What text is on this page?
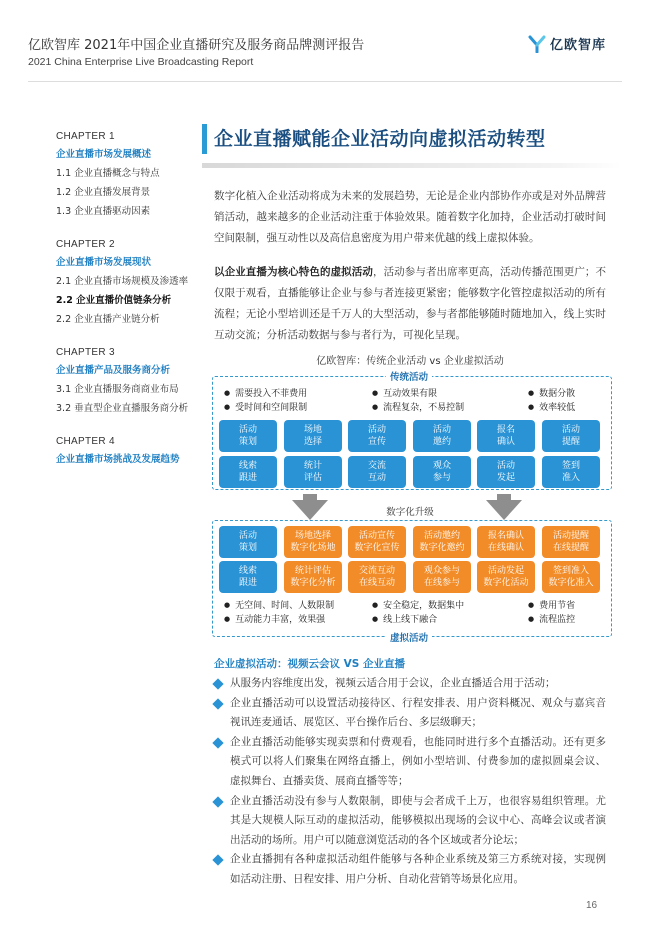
亿欧智库 2021年中国企业直播研究及服务商品牌测评报告
2021 China Enterprise Live Broadcasting Report
亿欧智库
CHAPTER 1
企业直播市场发展概述
1.1 企业直播概念与特点
1.2 企业直播发展背景
1.3 企业直播驱动因素
CHAPTER 2
企业直播市场发展现状
2.1 企业直播市场规模及渗透率
2.2 企业直播价值链条分析
2.2 企业直播产业链分析
CHAPTER 3
企业直播产品及服务商分析
3.1 企业直播服务商商业布局
3.2 垂直型企业直播服务商分析
CHAPTER 4
企业直播市场挑战及发展趋势
企业直播赋能企业活动向虚拟活动转型
数字化植入企业活动将成为未来的发展趋势，无论是企业内部协作亦或是对外品牌营销活动，越来越多的企业活动注重于体验效果。随着数字化加持，企业活动打破时间空间限制，强互动性以及高信息密度为用户带来优越的线上虚拟体验。
以企业直播为核心特色的虚拟活动，活动参与者出席率更高，活动传播范围更广；不仅限于观看，直播能够让企业与参与者连接更紧密；能够数字化管控虚拟活动的所有流程；无论小型培训还是千万人的大型活动，参与者都能够随时随地加入，线上实时互动交流；分析活动数据与参与者行为，可视化呈现。
亿欧智库：传统企业活动 vs 企业虚拟活动
传统活动
● 需要投入不菲费用	● 互动效果有限	● 数据分散
● 受时间和空间限制	● 流程复杂，不易控制	● 效率较低
活动
策划
场地
选择
活动
宣传
活动
邀约
报名
确认
活动
提醒
线索
跟进
统计
评估
交流
互动
观众
参与
活动
发起
签到
准入
数字化升级
虚拟活动
活动
策划
场地选择
数字化场地
活动宣传
数字化宣传
活动邀约
数字化邀约
报名确认
在线确认
活动提醒
在线提醒
线索
跟进
统计评估
数字化分析
交流互动
在线互动
观众参与
在线参与
活动发起
数字化活动
签到准入
数字化准入
● 无空间、时间、人数限制	● 安全稳定，数据集中	● 费用节省
● 互动能力丰富，效果强	● 线上线下融合	● 流程监控
企业虚拟活动：视频云会议 VS 企业直播
从服务内容维度出发，视频云适合用于会议，企业直播适合用于活动；
企业直播活动可以设置活动接待区、行程安排表、用户资料概况、观众与嘉宾音视讯连麦通话、展览区、平台操作后台、多层级聊天；
企业直播活动能够实现卖票和付费观看，也能同时进行多个直播活动。还有更多模式可以将人们聚集在网络直播上，例如小型培训、付费参加的虚拟圆桌会议、虚拟舞台、直播卖货、展商直播等等；
企业直播活动没有参与人数限制，即使与会者成千上万，也很容易组织管理。尤其是大规模人际互动的虚拟活动，能够模拟出现场的会议中心、高峰会议或者演出活动的场所。用户可以随意浏览活动的各个区域或者分论坛；
企业直播拥有各种虚拟活动组件能够与各种企业系统及第三方系统对接，实现例如活动注册、日程安排、用户分析、自动化营销等场景化应用。
16
